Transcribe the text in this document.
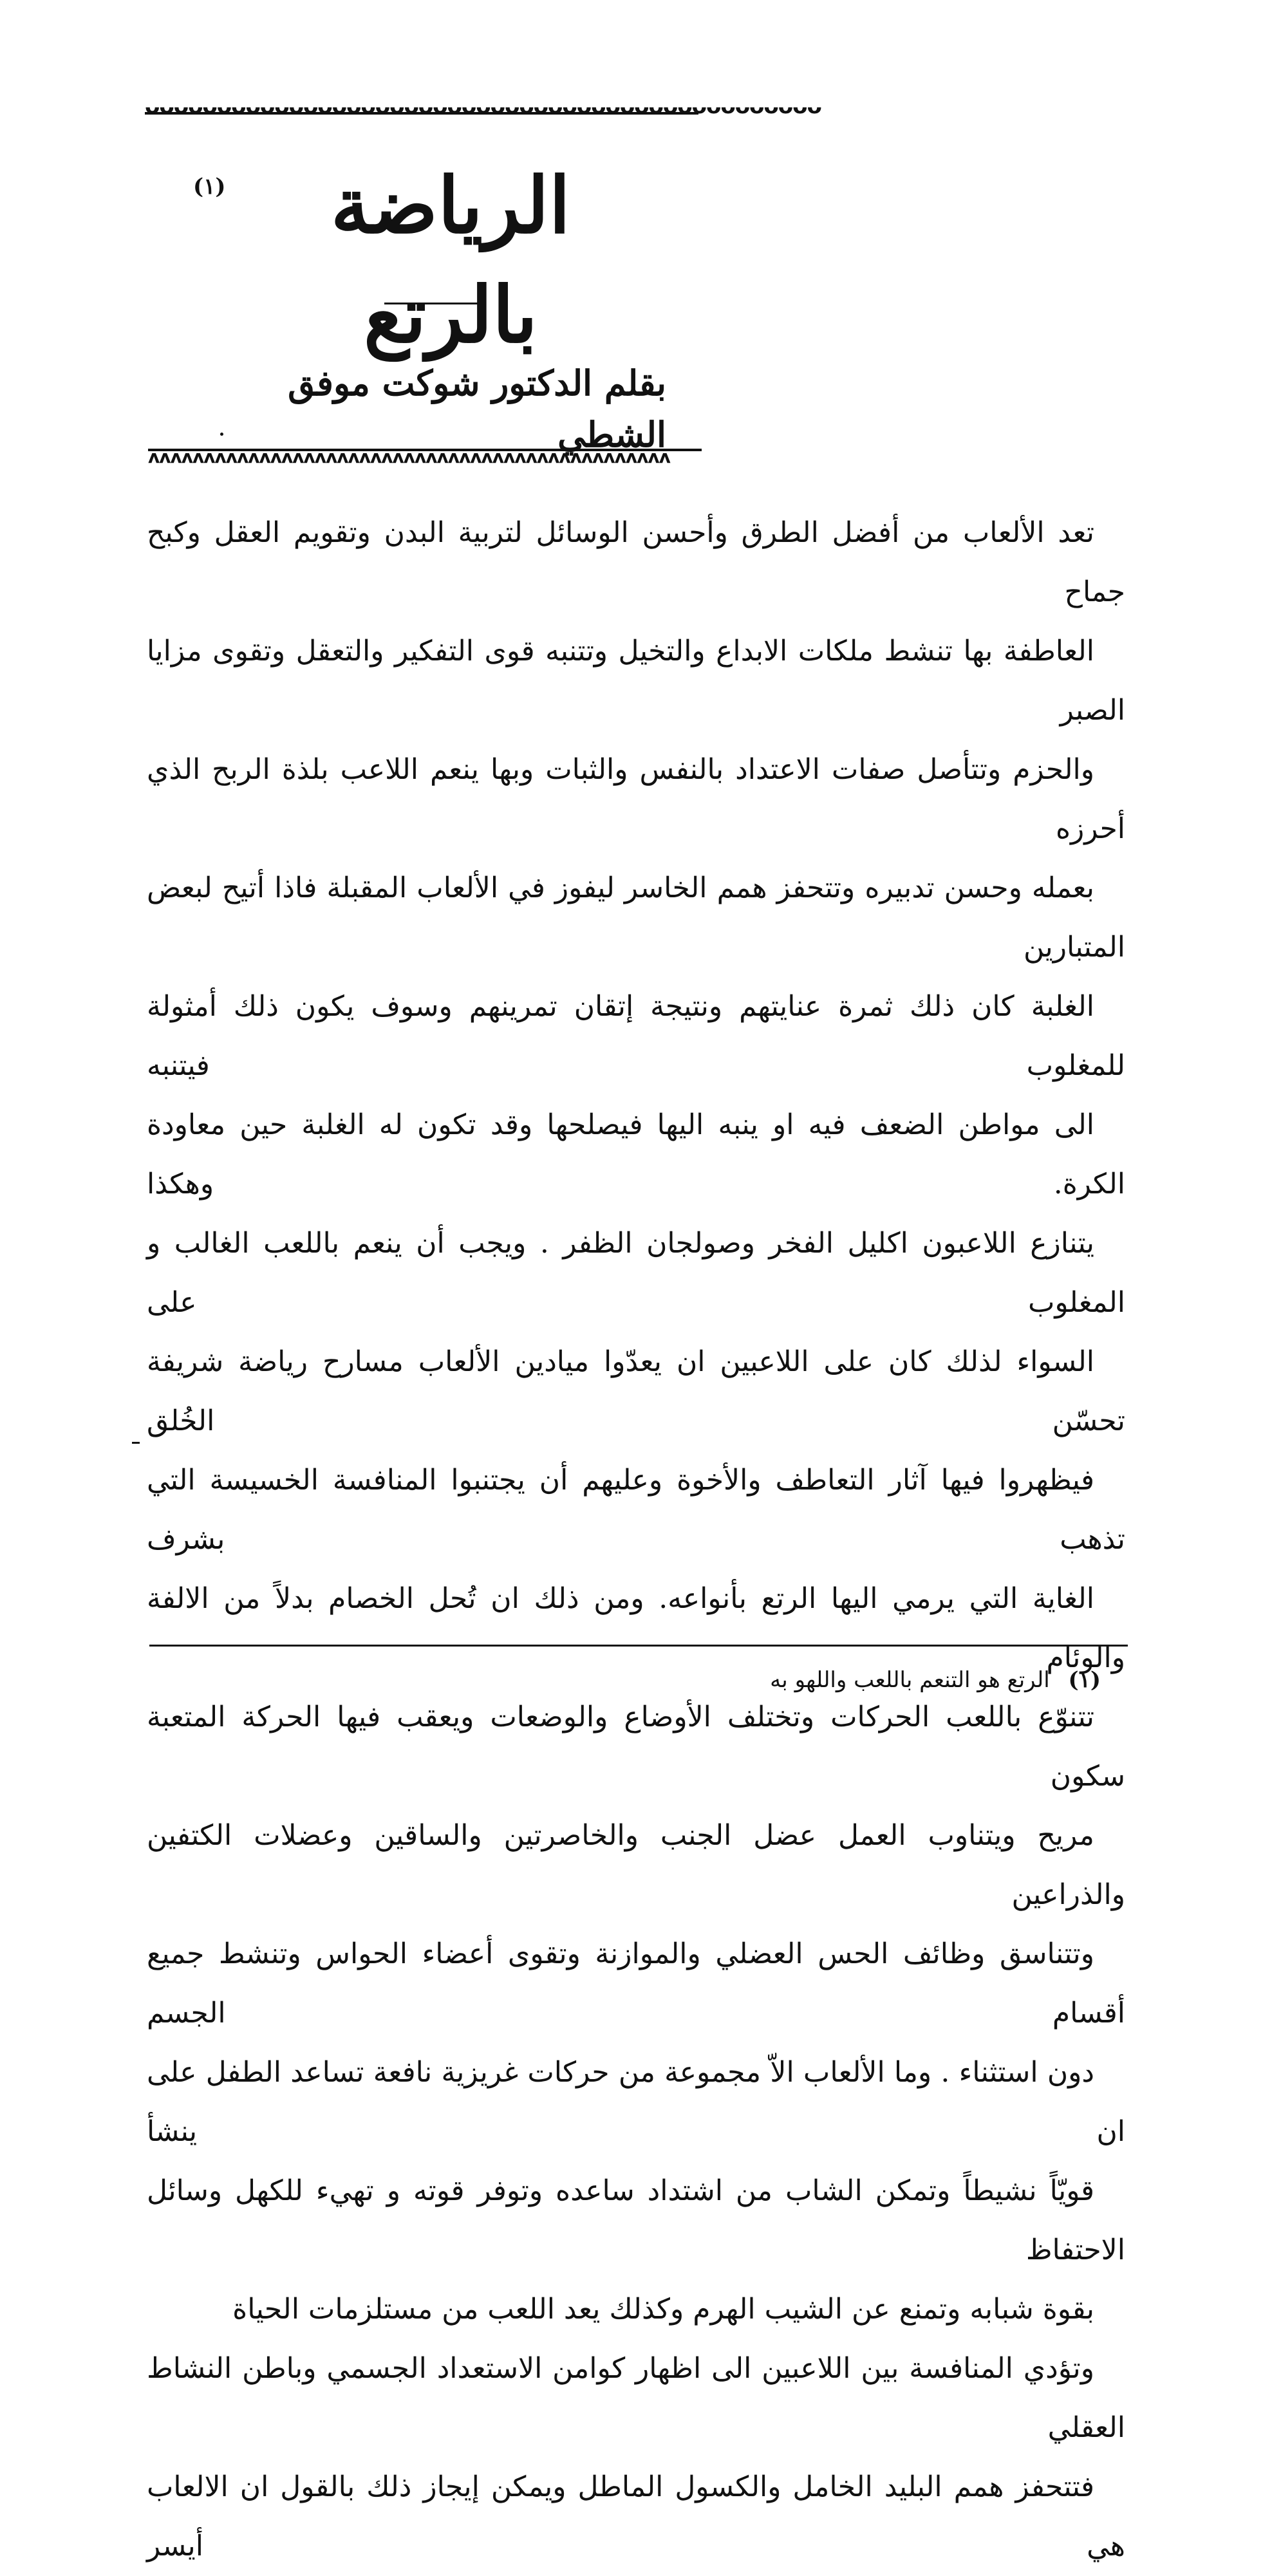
ᴗᴗᴗᴗᴗᴗᴗᴗᴗᴗᴗᴗᴗᴗᴗᴗᴗᴗᴗᴗᴗᴗᴗᴗᴗᴗᴗᴗᴗᴗᴗᴗᴗᴗᴗᴗᴗᴗᴗᴗᴗᴗᴗᴗᴗᴗᴗ
(١)	الرياضة بالرتع
بقلم الدكتور شوكت موفق الشطي
ᴧᴧᴧᴧᴧᴧᴧᴧᴧᴧᴧᴧᴧᴧᴧᴧᴧᴧᴧᴧᴧᴧᴧᴧᴧᴧᴧᴧᴧᴧᴧᴧᴧᴧᴧᴧᴧᴧᴧᴧᴧᴧᴧᴧᴧᴧᴧ

تعد الألعاب من أفضل الطرق وأحسن الوسائل لتربية البدن وتقويم العقل وكبح جماح
العاطفة بها تنشط ملكات الابداع والتخيل وتتنبه قوى التفكير والتعقل وتقوى مزايا الصبر
والحزم وتتأصل صفات الاعتداد بالنفس والثبات وبها ينعم اللاعب بلذة الربح الذي أحرزه
بعمله وحسن تدبيره وتتحفز همم الخاسر ليفوز في الألعاب المقبلة فاذا أتيح لبعض المتبارين
الغلبة كان ذلك ثمرة عنايتهم ونتيجة إتقان تمرينهم وسوف يكون ذلك أمثولة للمغلوب فيتنبه
الى مواطن الضعف فيه او ينبه اليها فيصلحها وقد تكون له الغلبة حين معاودة الكرة. وهكذا
يتنازع اللاعبون اكليل الفخر وصولجان الظفر . ويجب أن ينعم باللعب الغالب و المغلوب على
السواء لذلك كان على اللاعبين ان يعدّوا ميادين الألعاب مسارح رياضة شريفة تحسّن الخُلق
فيظهروا فيها آثار التعاطف والأخوة وعليهم أن يجتنبوا المنافسة الخسيسة التي تذهب بشرف
الغاية التي يرمي اليها الرتع بأنواعه. ومن ذلك ان تُحل الخصام بدلاً من الالفة والوئام

تتنوّع باللعب الحركات وتختلف الأوضاع والوضعات ويعقب فيها الحركة المتعبة سكون
مريح ويتناوب العمل عضل الجنب والخاصرتين والساقين وعضلات الكتفين والذراعين
وتتناسق وظائف الحس العضلي والموازنة وتقوى أعضاء الحواس وتنشط جميع أقسام الجسم
دون استثناء . وما الألعاب الاّ مجموعة من حركات غريزية نافعة تساعد الطفل على ان ينشأ
قويّاً نشيطاً وتمكن الشاب من اشتداد ساعده وتوفر قوته و تهيء للكهل وسائل الاحتفاظ
بقوة شبابه وتمنع عن الشيب الهرم وكذلك يعد اللعب من مستلزمات الحياة

وتؤدي المنافسة بين اللاعبين الى اظهار كوامن الاستعداد الجسمي وباطن النشاط العقلي
فتتحفز همم البليد الخامل والكسول الماطل ويمكن إيجاز ذلك بالقول ان الالعاب هي أيسر

(١) الرتع هو التنعم باللعب واللهو به
